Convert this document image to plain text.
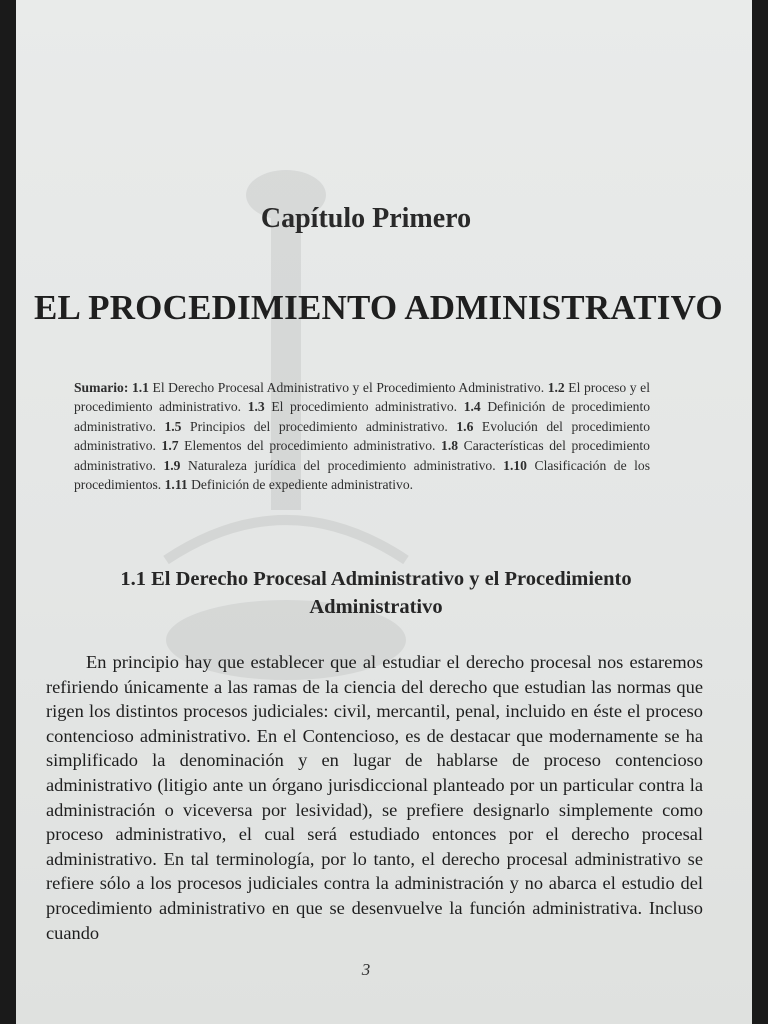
Capítulo Primero
EL PROCEDIMIENTO ADMINISTRATIVO
Sumario: 1.1 El Derecho Procesal Administrativo y el Procedimiento Administrativo. 1.2 El proceso y el procedimiento administrativo. 1.3 El procedimiento administrativo. 1.4 Definición de procedimiento administrativo. 1.5 Principios del procedimiento administrativo. 1.6 Evolución del procedimiento administrativo. 1.7 Elementos del procedimiento administrativo. 1.8 Características del procedimiento administrativo. 1.9 Naturaleza jurídica del procedimiento administrativo. 1.10 Clasificación de los procedimientos. 1.11 Definición de expediente administrativo.
1.1 El Derecho Procesal Administrativo y el Procedimiento Administrativo

En principio hay que establecer que al estudiar el derecho procesal nos estaremos refiriendo únicamente a las ramas de la ciencia del derecho que estudian las normas que rigen los distintos procesos judiciales: civil, mercantil, penal, incluido en éste el proceso contencioso administrativo. En el Contencioso, es de destacar que modernamente se ha simplificado la denominación y en lugar de hablarse de proceso contencioso administrativo (litigio ante un órgano jurisdiccional planteado por un particular contra la administración o viceversa por lesividad), se prefiere designarlo simplemente como proceso administrativo, el cual será estudiado entonces por el derecho procesal administrativo. En tal terminología, por lo tanto, el derecho procesal administrativo se refiere sólo a los procesos judiciales contra la administración y no abarca el estudio del procedimiento administrativo en que se desenvuelve la función administrativa. Incluso cuando

3
